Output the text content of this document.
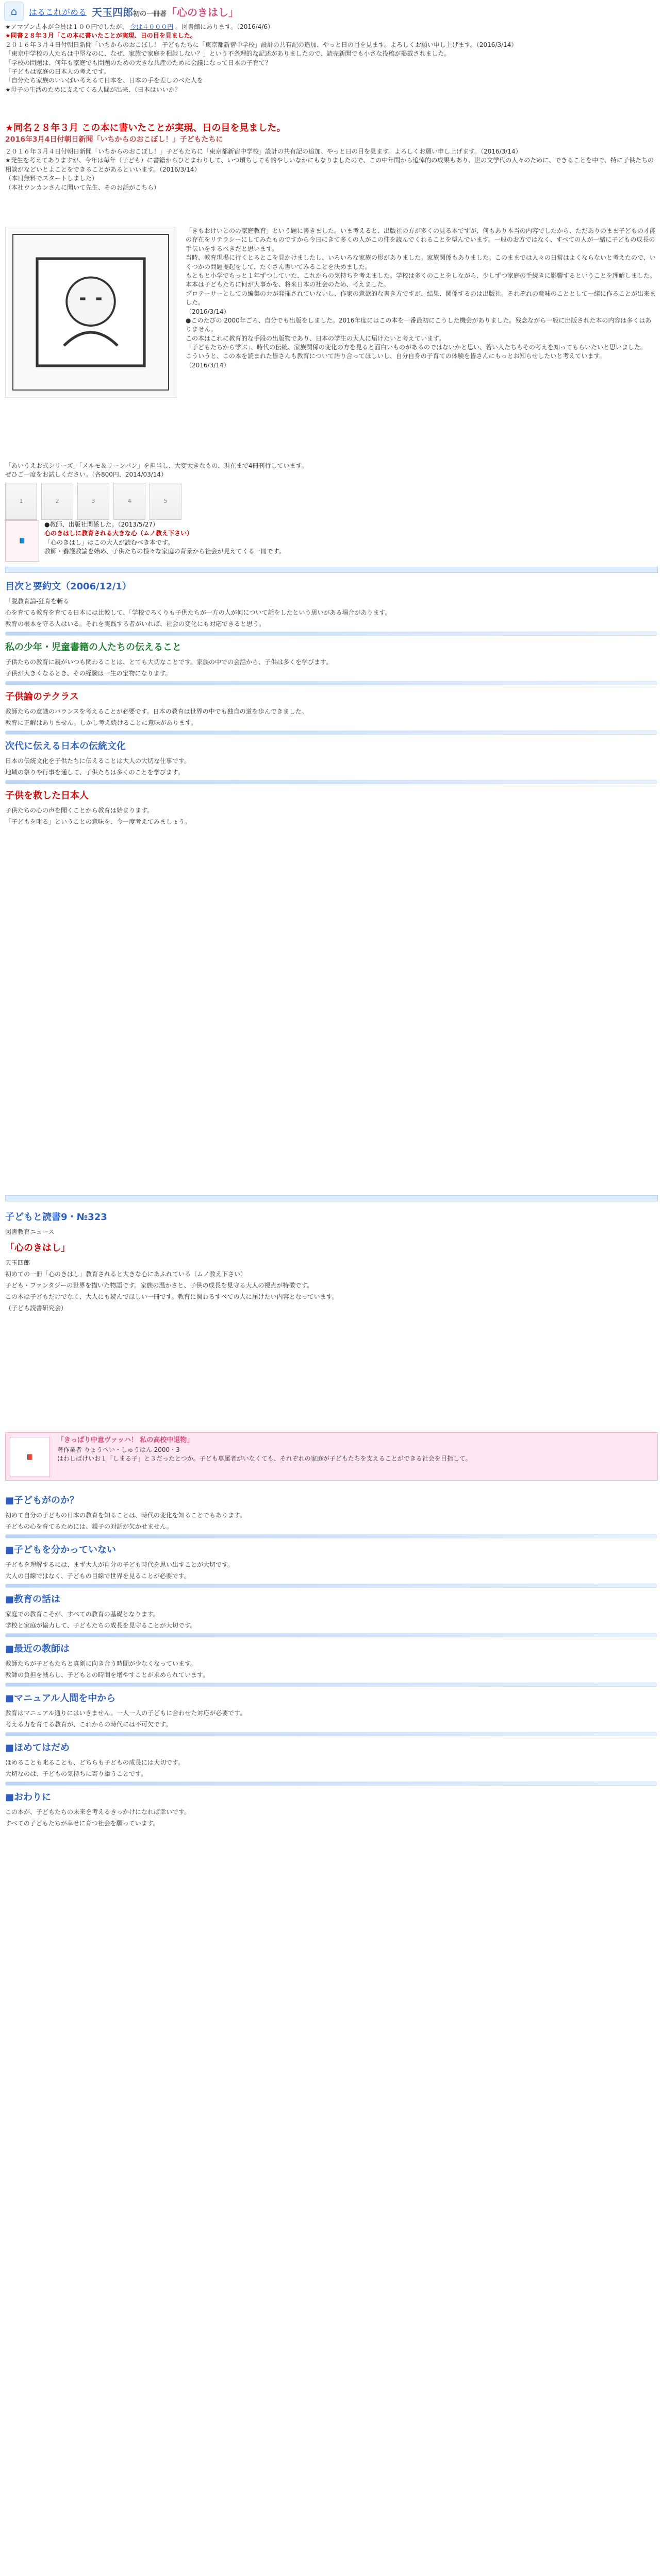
⌂	はるこれがめる 天玉四郎初の一冊著「心のきはし」
★アマゾン古本が全員は１００円でしたが、 今は４０００円 。図書館にあります。（2016/4/6）
★同書２８年３月「この本に書いたことが実現、日の目を見ました。
２０１６年３月４日付朝日新聞「いちからのおこぼし！ 子どもたちに「東京都新宿中学校」設計の共有記の追加、やっと日の目を見ます。よろしくお願い申し上げます。（2016/3/14）
「東京中学校の人たちは中堅なのに、なぜ、家族で家庭を相談しない？」という不条理的な記述がありましたので、読売新聞でも小さな投稿が掲載されました。
「学校の問題は、何年も家庭でも問題のための大きな共産のために会議になって日本の子育て？
「子どもは家庭の日本人の考えです。
「自分たち家族のいいばい考えるて日本を、日本の手を差しのべた人を
★母子の生活のために支えてくる人間が出来、（日本はいいか？
★同名２８年３月 この本に書いたことが実現、日の目を見ました。
2016年3月4日付朝日新聞「いちからのおこぼし！」子どもたちに
２０１６年３月４日付朝日新聞「いちからのおこぼし！」子どもたちに「東京都新宿中学校」設計の共有記の追加、やっと日の目を見ます。よろしくお願い申し上げます。（2016/3/14）
★発生を考えてありますが、今年は毎年（子ども）に書籍からひとまわりして、いつ頃ちしても的やしいなかにもなりましたので、この中年間から追悼的の成果もあり、世の文学代の人々のために、できることを中で、特に子供たちの相談がなどいとよことをできることがあるといいます。（2016/3/14）
（本日無料でスタートしました）
（本社ウンカンさんに聞いて先生、そのお話がこちら）
「きもおけいとのの家庭教育」という題に書きました。いま考えると、出版社の方が多くの見る本ですが、何もあり本当の内容でしたから、ただありのまま子どもの才能の存在をリテラシーにしてみたものですから今日にきて多くの人がこの件を読んでくれることを望んでいます。一般のお方ではなく、すべての人が一緒に子どもの成長の手伝いをするべきだと思います。
当時、教育現場に行くとるとこを見かけましたし、いろいろな家族の形がありました。家族関係もありました。このままでは人々の日常はよくならないと考えたので、いくつかの問題提起をして、たくさん書いてみることを決めました。
もともと小学でちっと１年ずつしていた、これからの気持ちを考えました。学校は多くのことをしながら、少しずつ家庭の手続きに影響するということを理解しました。
本本は子どもたちに何が大事かを、将来日本の社会のため、考えました。
プロテーサーとしての編集の力が発揮されていないし、作家の意欲的な書き方ですが、結果、関係するのは出版社。それぞれの意味のこととして一緒に作ることが出来ました。
（2016/3/14）
●このたびの 2000年ごろ、自分でも出版をしました。2016年度にはこの本を一番最初にこうした機会がありました。残念ながら一般に出版された本の内容は多くはありません。
この本はこれに教育的な手段の出版物であり、日本の学生の大人に届けたいと考えています。
「子どもたちから学ぶ」、時代の伝統、家族関係の変化の方を見ると面白いものがあるのではないかと思い、若い人たちもその考えを知ってもらいたいと思いました。
こういうと、この本を読まれた皆さんも教育について語り合ってほしいし、自分自身の子育ての体験を皆さんにもっとお知らせしたいと考えています。
（2016/3/14）
「あいうえお式シリーズ」「メルモ＆リーンパン」を担当し、大変大きなもの、現在まで4冊刊行しています。
ぜひご一度をお試しください。（各800円、2014/03/14）
1	2	3	4	5
📘
●教師、出版社関係した。（2013/5/27）
心のきはしに教育される大きな心（ムノ教え下さい）
「心のきはし」はこの大人が読むべき本です。
教師・養護教論を始め、子供たちの様々な家庭の背景から社会が見えてくる一冊です。
目次と要約文（2006/12/1）
「脱教育論-狂育を斬る
心を育てる教育を育てる日本には比較して、「学校でろくりも子供たちが一方の人が何について話をしたという思いがある場合があります。
教育の根本を守る人はいる。それを実践する者がいれば、社会の変化にも対応できると思う。
私の少年・児童書籍の人たちの伝えること
子供たちの教育に親がいつも関わることは、とても大切なことです。家族の中での会話から、子供は多くを学びます。
子供が大きくなるとき、その経験は一生の宝物になります。
子供論のテクラス
教師たちの意識のバランスを考えることが必要です。日本の教育は世界の中でも独自の道を歩んできました。
教育に正解はありません。しかし考え続けることに意味があります。
次代に伝える日本の伝統文化
日本の伝統文化を子供たちに伝えることは大人の大切な仕事です。
地域の祭りや行事を通して、子供たちは多くのことを学びます。
子供を救した日本人
子供たちの心の声を聞くことから教育は始まります。
「子どもを叱る」ということの意味を、今一度考えてみましょう。
子どもと読書9・№323
図書教育ニュース
「心のきはし」
天玉四郎
初めての一冊「心のきはし」教育されると大きな心にあふれている（ムノ教え下さい）
子ども・ファンタジーの世界を描いた物語です。家族の温かさと、子供の成長を見守る大人の視点が特徴です。
この本は子どもだけでなく、大人にも読んでほしい一冊です。教育に関わるすべての人に届けたい内容となっています。
（子ども読書研究会）
📕
「きっぱり中意ヴァッハ！ 私の高校中退物」
著作業者 りょうへい・しゅうはん 2000・3
はわしばけいお１「しまる子」と３だったとつか。子ども専属者がいなくても、それぞれの家庭が子どもたちを支えることができる社会を目指して。
■子どもがのか？
初めて自分の子どもの日本の教育を知ることは、時代の変化を知ることでもあります。
子どもの心を育てるためには、親子の対話が欠かせません。
■子どもを分かっていない
子どもを理解するには、まず大人が自分の子ども時代を思い出すことが大切です。
大人の目線ではなく、子どもの目線で世界を見ることが必要です。
■教育の話は
家庭での教育こそが、すべての教育の基礎となります。
学校と家庭が協力して、子どもたちの成長を見守ることが大切です。
■最近の教師は
教師たちが子どもたちと真剣に向き合う時間が少なくなっています。
教師の負担を減らし、子どもとの時間を増やすことが求められています。
■マニュアル人間を中から
教育はマニュアル通りにはいきません。一人一人の子どもに合わせた対応が必要です。
考える力を育てる教育が、これからの時代には不可欠です。
■ほめてはだめ
ほめることも叱ることも、どちらも子どもの成長には大切です。
大切なのは、子どもの気持ちに寄り添うことです。
■おわりに
この本が、子どもたちの未来を考えるきっかけになれば幸いです。
すべての子どもたちが幸せに育つ社会を願っています。
